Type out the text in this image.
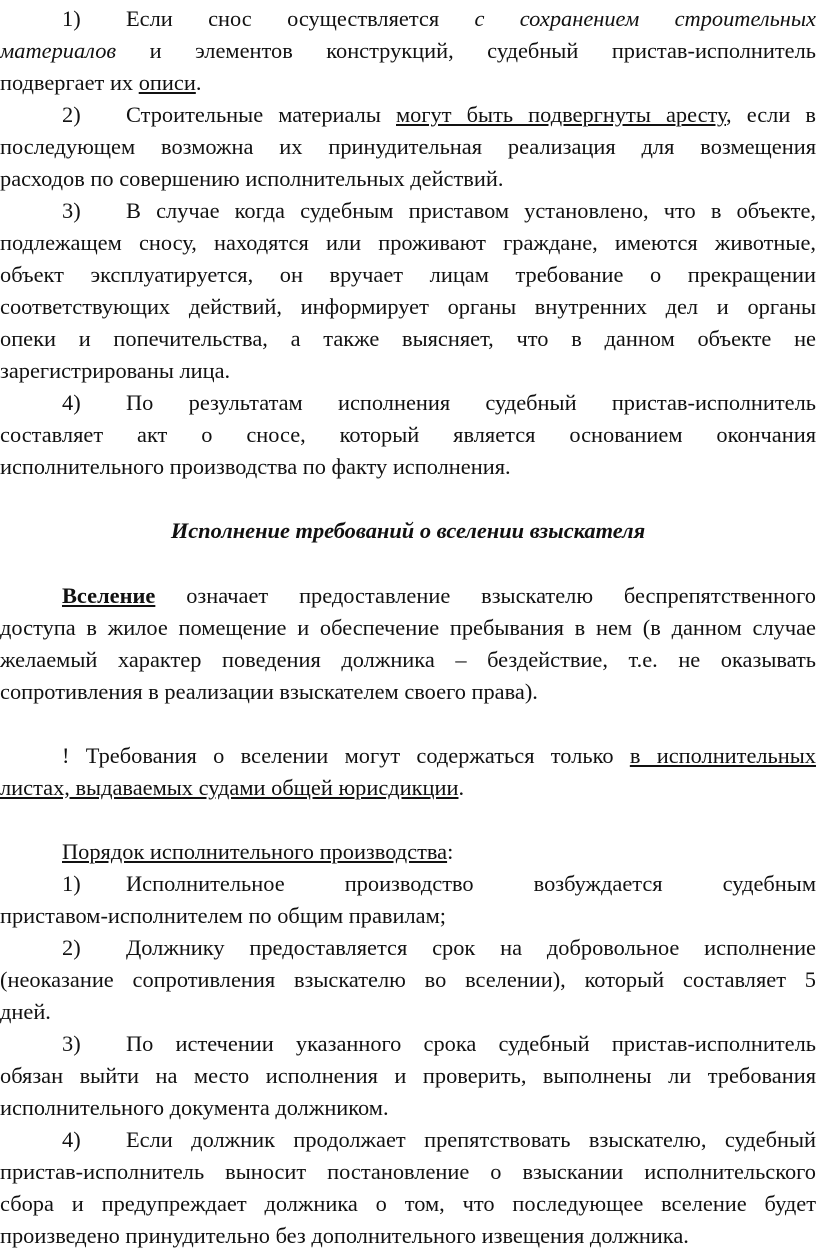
1) Если снос осуществляется с сохранением строительных
материалов и элементов конструкций, судебный пристав-исполнитель
подвергает их описи.
2) Строительные материалы могут быть подвергнуты аресту, если в
последующем возможна их принудительная реализация для возмещения
расходов по совершению исполнительных действий.
3) В случае когда судебным приставом установлено, что в объекте,
подлежащем сносу, находятся или проживают граждане, имеются животные,
объект эксплуатируется, он вручает лицам требование о прекращении
соответствующих действий, информирует органы внутренних дел и органы
опеки и попечительства, а также выясняет, что в данном объекте не
зарегистрированы лица.
4) По результатам исполнения судебный пристав-исполнитель
составляет акт о сносе, который является основанием окончания
исполнительного производства по факту исполнения.
Исполнение требований о вселении взыскателя
Вселение означает предоставление взыскателю беспрепятственного
доступа в жилое помещение и обеспечение пребывания в нем (в данном случае
желаемый характер поведения должника – бездействие, т.е. не оказывать
сопротивления в реализации взыскателем своего права).
! Требования о вселении могут содержаться только в исполнительных
листах, выдаваемых судами общей юрисдикции.
Порядок исполнительного производства:
1) Исполнительное производство возбуждается судебным
приставом-исполнителем по общим правилам;
2) Должнику предоставляется срок на добровольное исполнение
(неоказание сопротивления взыскателю во вселении), который составляет 5
дней.
3) По истечении указанного срока судебный пристав-исполнитель
обязан выйти на место исполнения и проверить, выполнены ли требования
исполнительного документа должником.
4) Если должник продолжает препятствовать взыскателю, судебный
пристав-исполнитель выносит постановление о взыскании исполнительского
сбора и предупреждает должника о том, что последующее вселение будет
произведено принудительно без дополнительного извещения должника.
